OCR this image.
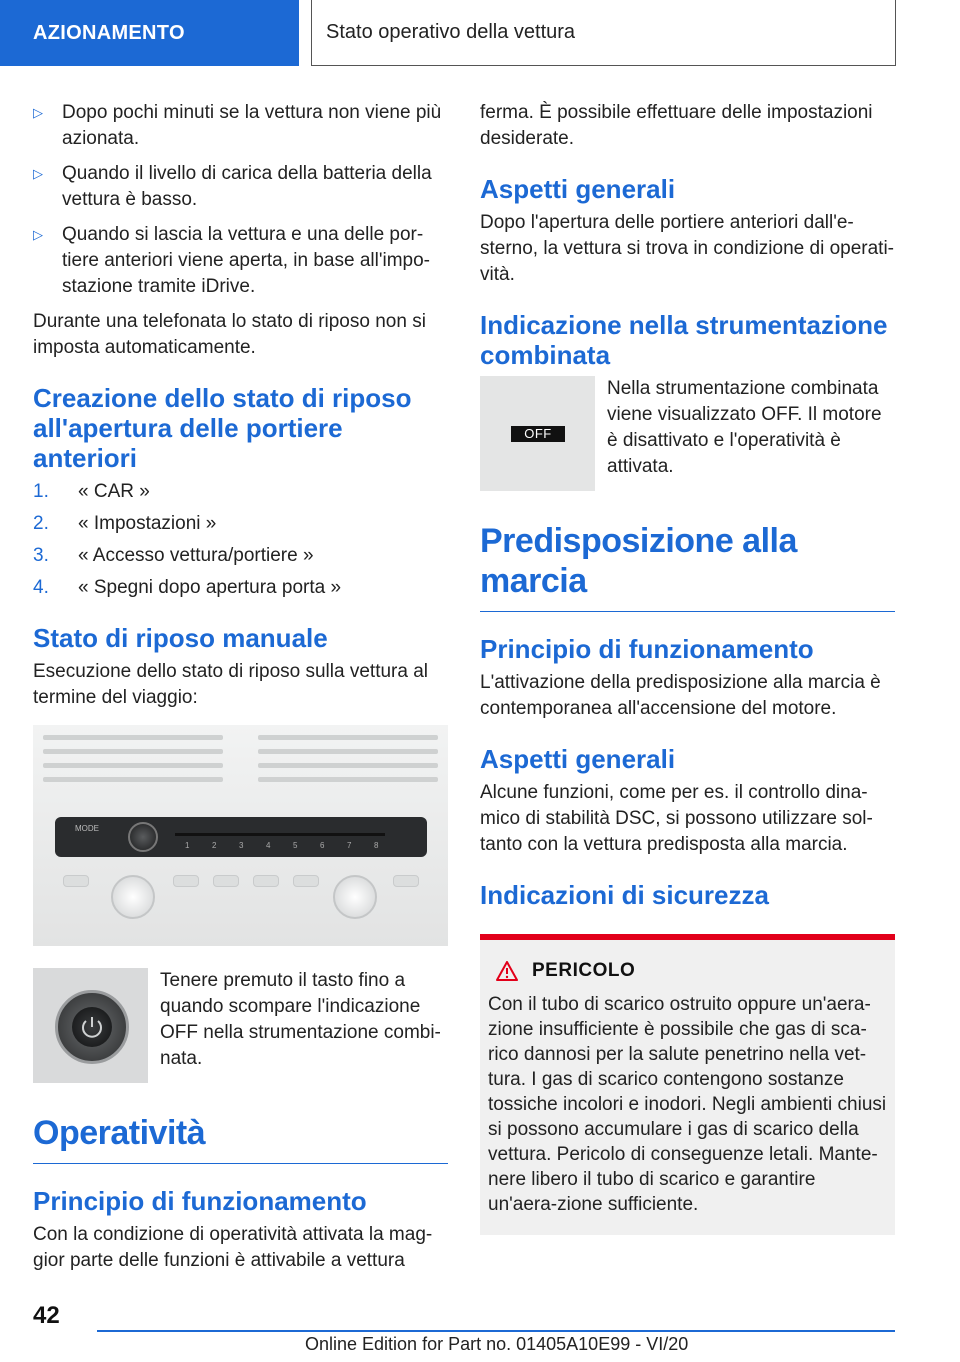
AZIONAMENTO	Stato operativo della vettura
▷ Dopo pochi minuti se la vettura non viene più azionata.
▷ Quando il livello di carica della batteria della vettura è basso.
▷ Quando si lascia la vettura e una delle por-tiere anteriori viene aperta, in base all'impo-stazione tramite iDrive.

Durante una telefonata lo stato di riposo non si imposta automaticamente.

Creazione dello stato di riposo all'apertura delle portiere anteriori
1. « CAR »
2. « Impostazioni »
3. « Accesso vettura/portiere »
4. « Spegni dopo apertura porta »
Stato di riposo manuale

Esecuzione dello stato di riposo sulla vettura al termine del viaggio:

MODE
1	2	3	4	5	6	7	8
Tenere premuto il tasto fino a quando scompare l'indicazione OFF nella strumentazione combi-nata.
Operatività
Principio di funzionamento

Con la condizione di operatività attivata la mag-gior parte delle funzioni è attivabile a vettura

ferma. È possibile effettuare delle impostazioni desiderate.

Aspetti generali

Dopo l'apertura delle portiere anteriori dall'e-sterno, la vettura si trova in condizione di operati-vità.

Indicazione nella strumentazione combinata
OFF
Nella strumentazione combinata viene visualizzato OFF. Il motore è disattivato e l'operatività è attivata.
Predisposizione alla marcia
Principio di funzionamento

L'attivazione della predisposizione alla marcia è contemporanea all'accensione del motore.

Aspetti generali

Alcune funzioni, come per es. il controllo dina-mico di stabilità DSC, si possono utilizzare sol-tanto con la vettura predisposta alla marcia.

Indicazioni di sicurezza
PERICOLO

Con il tubo di scarico ostruito oppure un'aera-zione insufficiente è possibile che gas di sca-rico dannosi per la salute penetrino nella vet-tura. I gas di scarico contengono sostanze tossiche incolori e inodori. Negli ambienti chiusi si possono accumulare i gas di scarico della vettura. Pericolo di conseguenze letali. Mante-nere libero il tubo di scarico e garantire un'aera-zione sufficiente.

42
Online Edition for Part no. 01405A10E99 - VI/20
